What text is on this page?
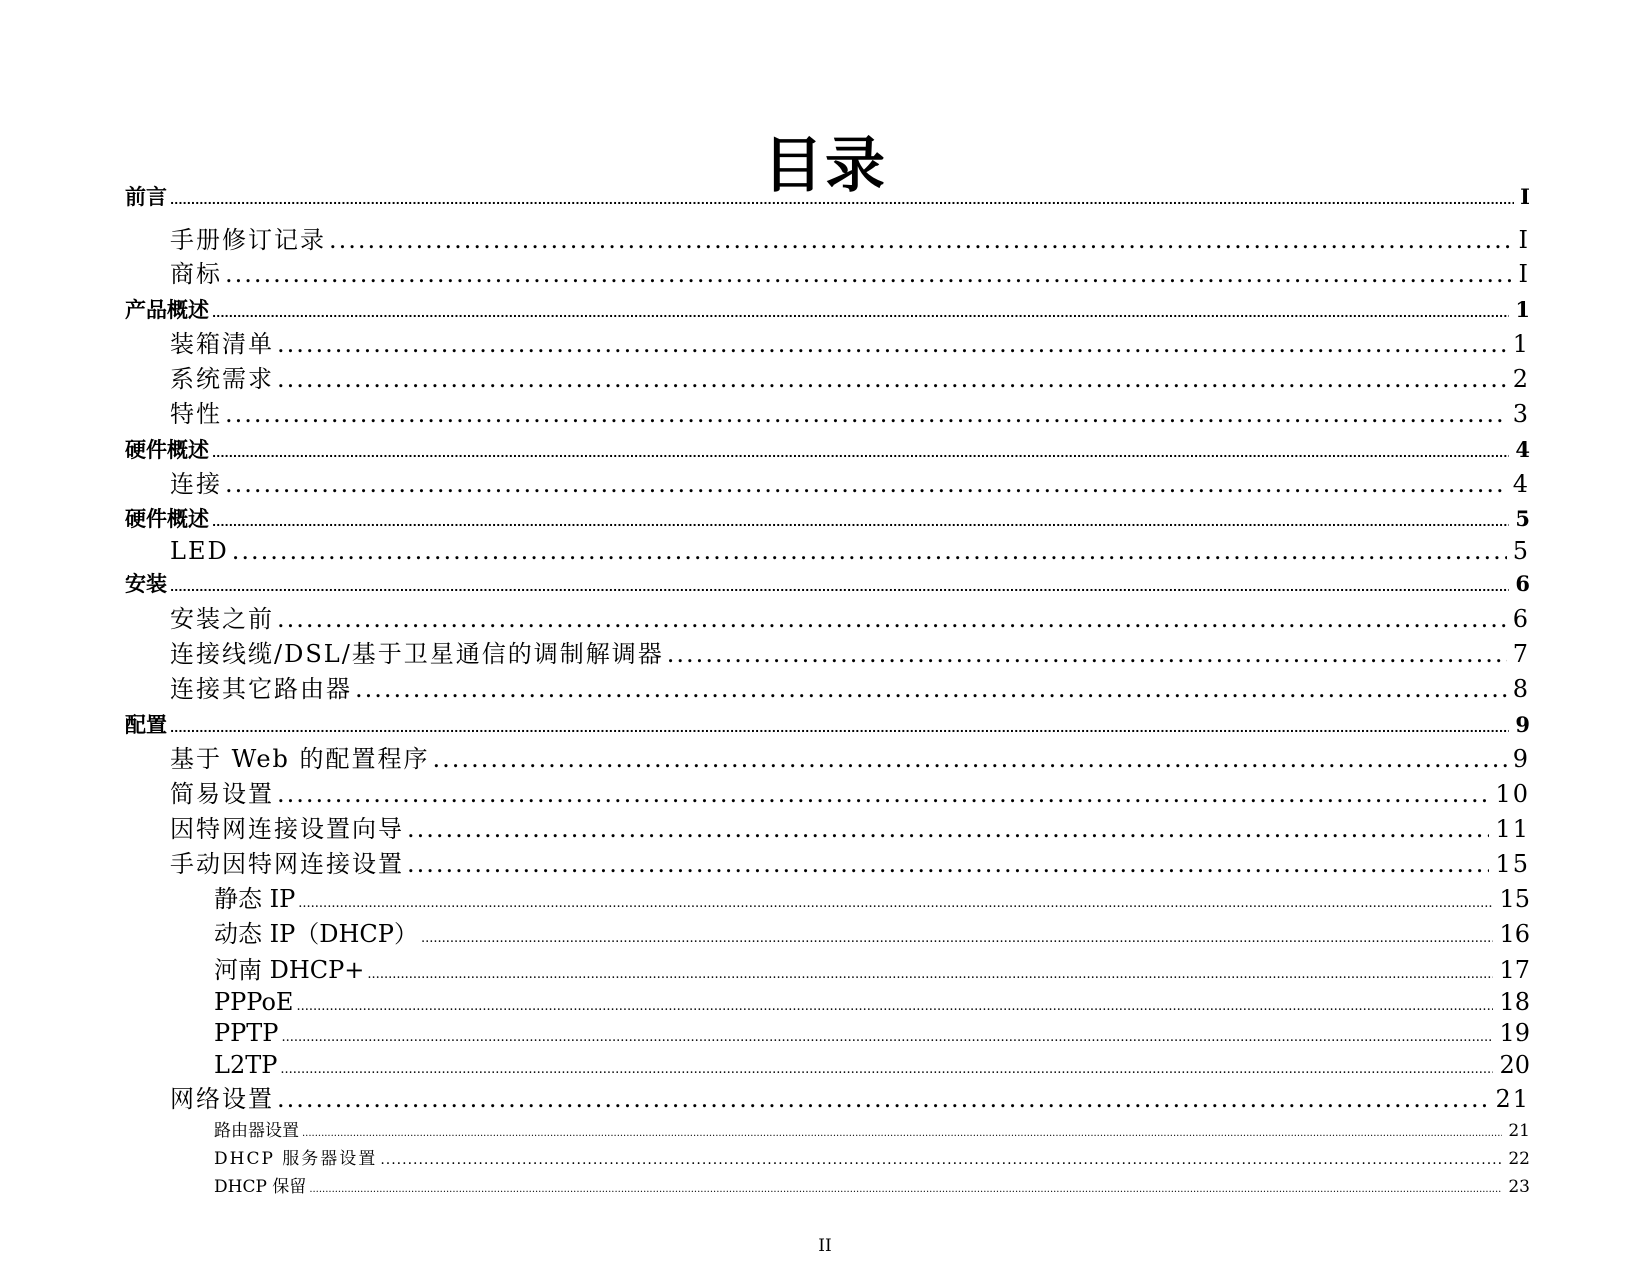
目录
前言 .....	I
手册修订记录 .....	I
商标 .....	I
产品概述 .....	1
装箱清单 .....	1
系统需求 .....	2
特性 .....	3
硬件概述 .....	4
连接 .....	4
硬件概述 .....	5
LED .....	5
安装 .....	6
安装之前 .....	6
连接线缆/DSL/基于卫星通信的调制解调器 .....	7
连接其它路由器 .....	8
配置 .....	9
基于 Web 的配置程序 .....	9
简易设置 .....	10
因特网连接设置向导 .....	11
手动因特网连接设置 .....	15
静态 IP .....	15
动态 IP（DHCP） .....	16
河南 DHCP+ .....	17
PPPoE .....	18
PPTP .....	19
L2TP .....	20
网络设置 .....	21
路由器设置 .....	21
DHCP 服务器设置 .....	22
DHCP 保留 .....	23
II
